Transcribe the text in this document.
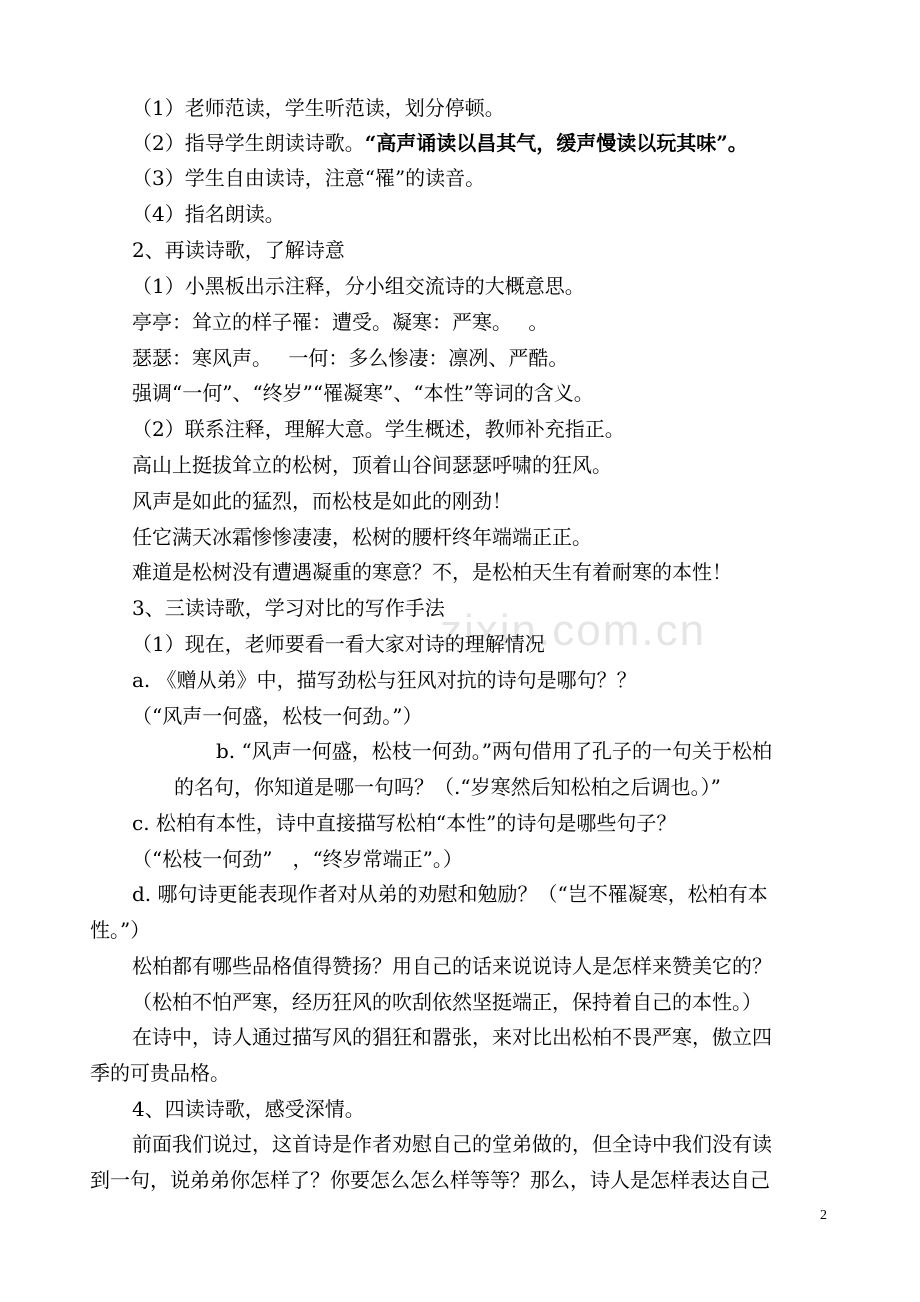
（1）老师范读，学生听范读，划分停顿。
（2）指导学生朗读诗歌。“高声诵读以昌其气，缓声慢读以玩其味”。
（3）学生自由读诗，注意“罹”的读音。
（4）指名朗读。
2、再读诗歌，了解诗意
（1）小黑板出示注释，分小组交流诗的大概意思。
亭亭：耸立的样子罹：遭受。凝寒：严寒。　 。
瑟瑟：寒风声。　 一何：多么惨凄：凛冽、严酷。
强调“一何”、“终岁”“罹凝寒”、“本性”等词的含义。
（2）联系注释，理解大意。学生概述，教师补充指正。
高山上挺拔耸立的松树，顶着山谷间瑟瑟呼啸的狂风。
风声是如此的猛烈，而松枝是如此的刚劲！
任它满天冰霜惨惨凄凄，松树的腰杆终年端端正正。
难道是松树没有遭遇凝重的寒意？不，是松柏天生有着耐寒的本性！
3、三读诗歌，学习对比的写作手法
（1）现在，老师要看一看大家对诗的理解情况
a. 《赠从弟》中，描写劲松与狂风对抗的诗句是哪句？？
（“风声一何盛，松枝一何劲。”）
b. “风声一何盛，松枝一何劲。”两句借用了孔子的一句关于松柏
的名句，你知道是哪一句吗？（.“岁寒然后知松柏之后调也。）”
c. 松柏有本性，诗中直接描写松柏“本性”的诗句是哪些句子？
（“松枝一何劲”　，“终岁常端正”。）
d. 哪句诗更能表现作者对从弟的劝慰和勉励？（“岂不罹凝寒，松柏有本
性。”）
松柏都有哪些品格值得赞扬？用自己的话来说说诗人是怎样来赞美它的？
（松柏不怕严寒，经历狂风的吹刮依然坚挺端正，保持着自己的本性。）
在诗中，诗人通过描写风的猖狂和嚣张，来对比出松柏不畏严寒，傲立四
季的可贵品格。
4、四读诗歌，感受深情。
前面我们说过，这首诗是作者劝慰自己的堂弟做的，但全诗中我们没有读
到一句，说弟弟你怎样了？你要怎么怎么样等等？那么，诗人是怎样表达自己
zixin.com.cn
2
